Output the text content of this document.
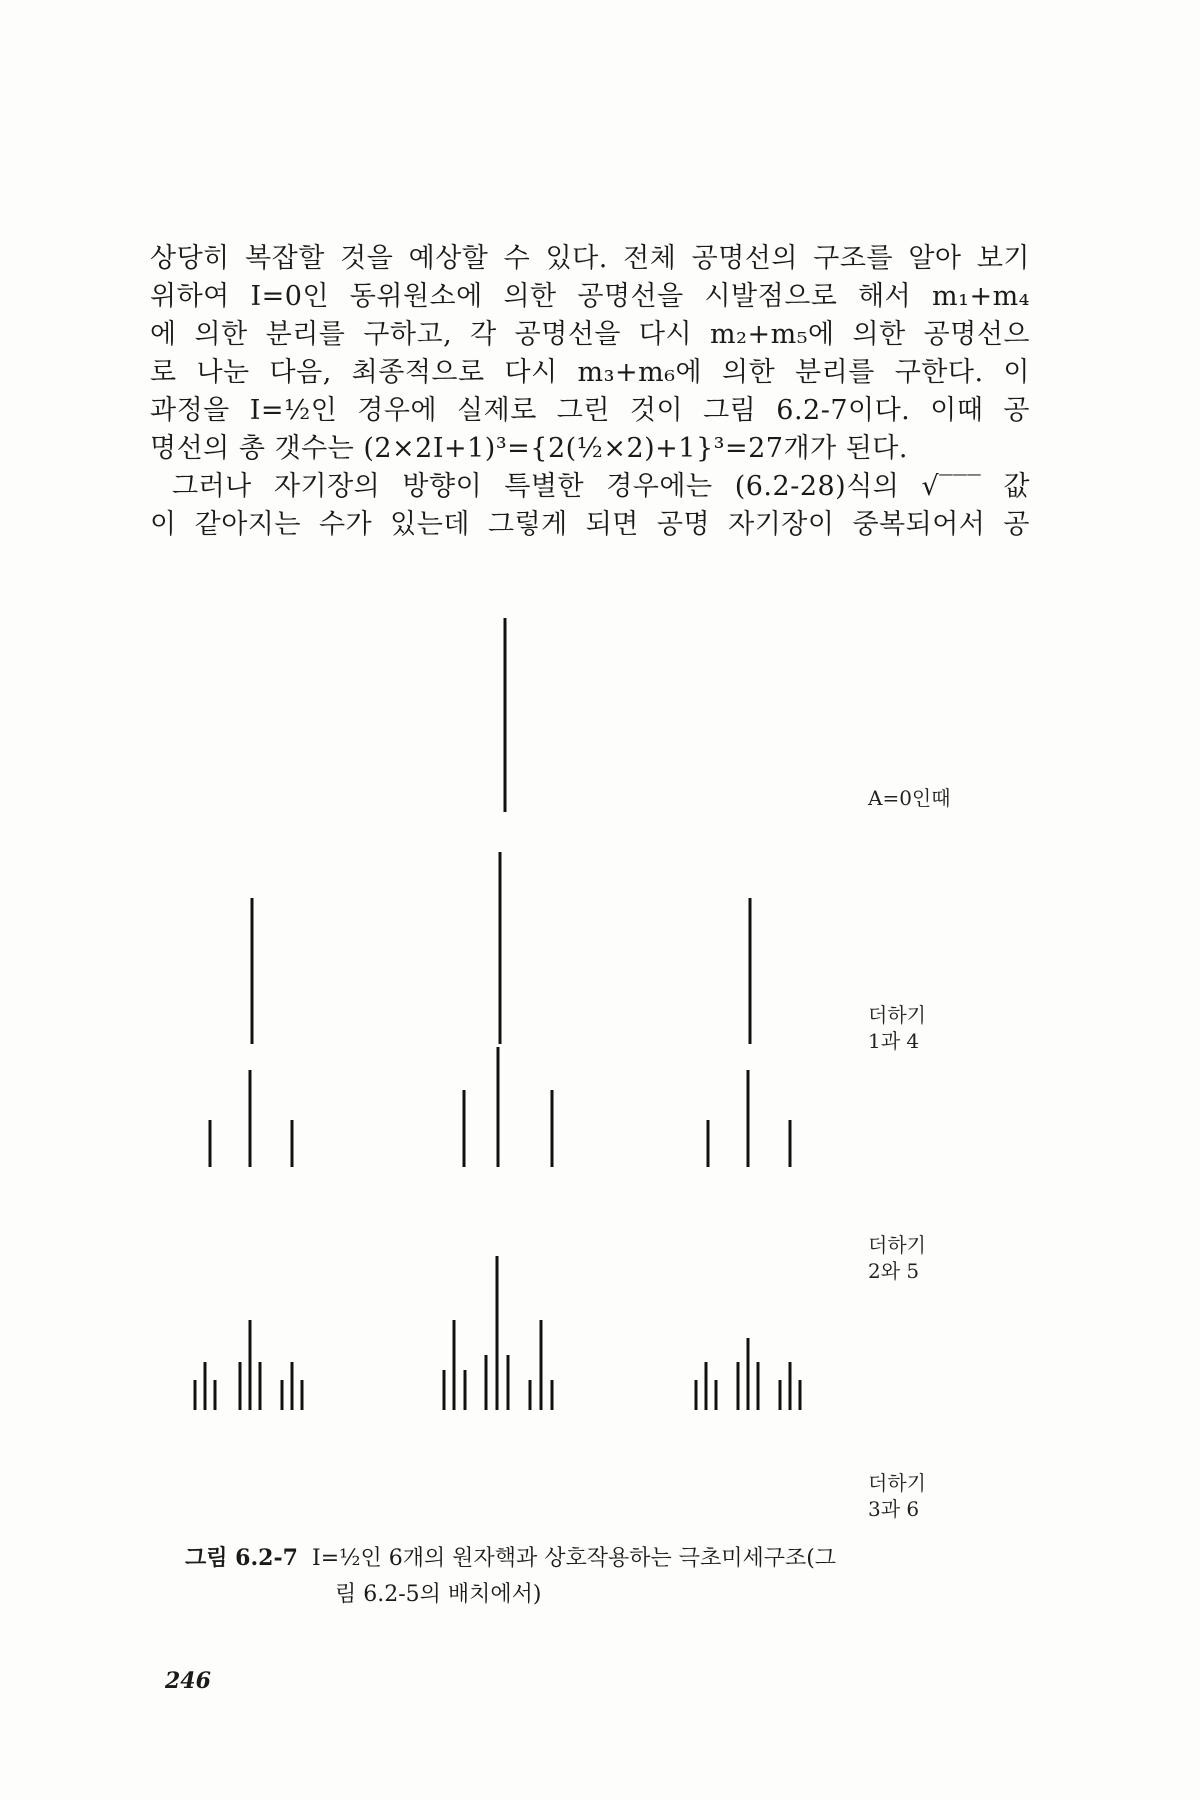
상당히 복잡할 것을 예상할 수 있다. 전체 공명선의 구조를 알아 보기
위하여 I=0인 동위원소에 의한 공명선을 시발점으로 해서 m₁+m₄
에 의한 분리를 구하고, 각 공명선을 다시 m₂+m₅에 의한 공명선으
로 나눈 다음, 최종적으로 다시 m₃+m₆에 의한 분리를 구한다. 이
과정을 I=½인 경우에 실제로 그린 것이 그림 6.2-7이다. 이때 공
명선의 총 갯수는 (2×2I+1)³={2(½×2)+1}³=27개가 된다.
그러나 자기장의 방향이 특별한 경우에는 (6.2-28)식의 √‾‾‾ 값
이 같아지는 수가 있는데 그렇게 되면 공명 자기장이 중복되어서 공
A=0인때
더하기
1과 4
더하기
2와 5
더하기
3과 6
그림 6.2-7 I=½인 6개의 원자핵과 상호작용하는 극초미세구조(그
림 6.2-5의 배치에서)
246
